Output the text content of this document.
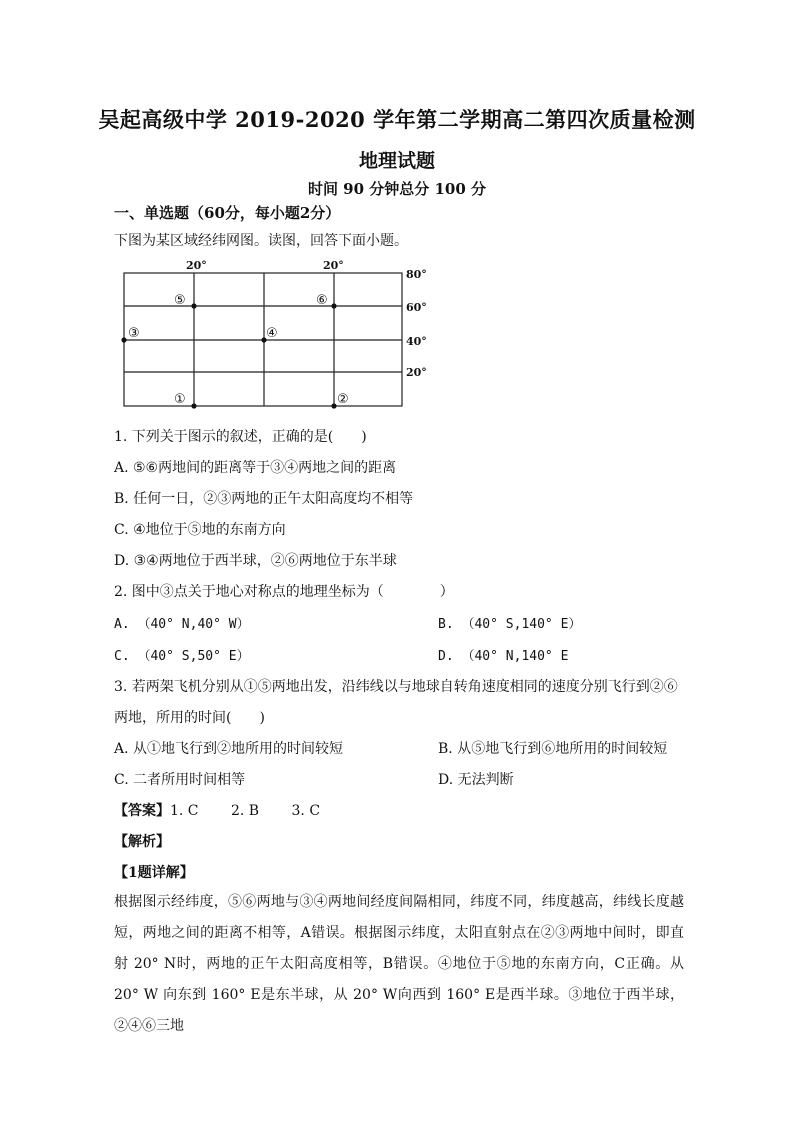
吴起高级中学 2019-2020 学年第二学期高二第四次质量检测
地理试题
时间 90 分钟总分 100 分
一、单选题（60分，每小题2分）
下图为某区域经纬网图。读图，回答下面小题。
20°	20°
80°
60°
40°
20°
⑤	⑥
③	④
①	②
1. 下列关于图示的叙述，正确的是(　　)
A. ⑤⑥两地间的距离等于③④两地之间的距离
B. 任何一日，②③两地的正午太阳高度均不相等
C. ④地位于⑤地的东南方向
D. ③④两地位于西半球，②⑥两地位于东半球
2. 图中③点关于地心对称点的地理坐标为（　　　　）
A. （40° N,40° W）	B. （40° S,140° E）
C. （40° S,50° E）	D. （40° N,140° E
3. 若两架飞机分别从①⑤两地出发，沿纬线以与地球自转角速度相同的速度分别飞行到②⑥
两地，所用的时间(　　)
A. 从①地飞行到②地所用的时间较短	B. 从⑤地飞行到⑥地所用的时间较短
C. 二者所用时间相等	D. 无法判断
【答案】1. C　　 2. B　　 3. C
【解析】
【1题详解】
根据图示经纬度，⑤⑥两地与③④两地间经度间隔相同，纬度不同，纬度越高，纬线长度越短，两地之间的距离不相等，A错误。根据图示纬度，太阳直射点在②③两地中间时，即直射 20° N时，两地的正午太阳高度相等，B错误。④地位于⑤地的东南方向，C正确。从 20° W 向东到 160° E是东半球，从 20° W向西到 160° E是西半球。③地位于西半球，②④⑥三地
